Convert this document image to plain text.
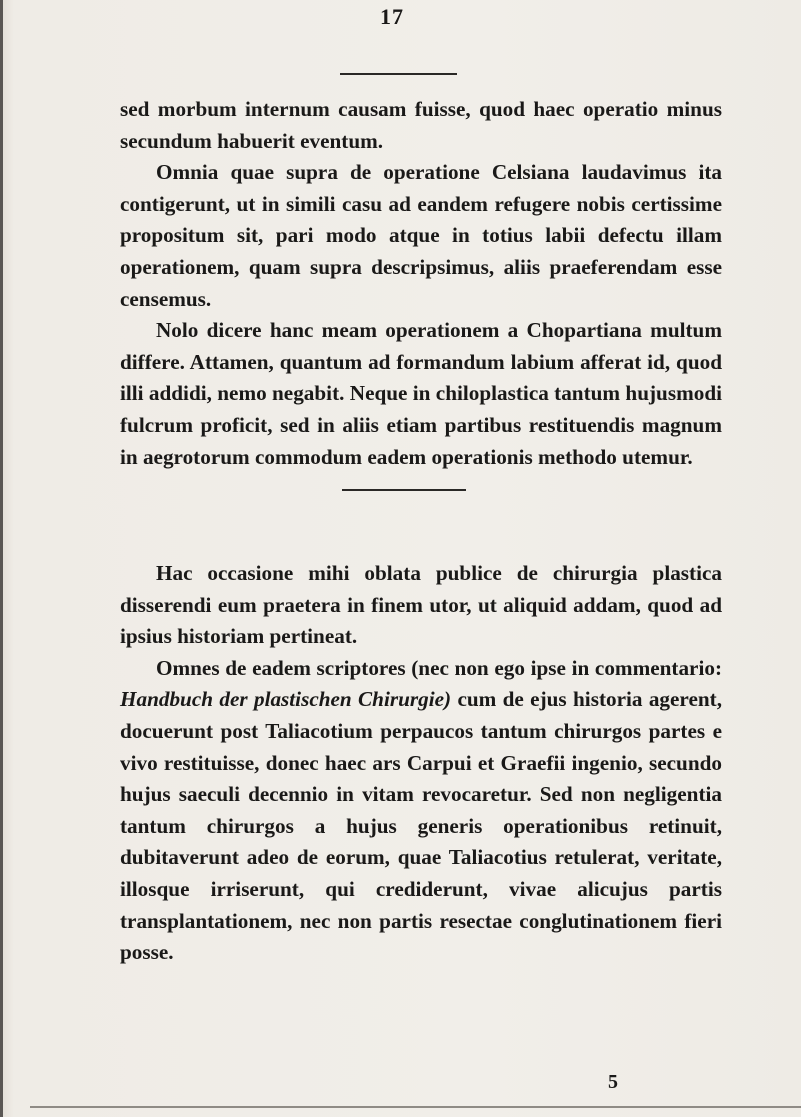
17

sed morbum internum causam fuisse, quod haec operatio minus secundum habuerit eventum.

Omnia quae supra de operatione Celsiana laudavimus ita contigerunt, ut in simili casu ad eandem refugere nobis certissime propositum sit, pari modo atque in totius labii defectu illam operationem, quam supra descripsimus, aliis praeferendam esse censemus.

Nolo dicere hanc meam operationem a Chopartiana multum differe. Attamen, quantum ad formandum labium afferat id, quod illi addidi, nemo negabit. Neque in chiloplastica tantum hujusmodi fulcrum proficit, sed in aliis etiam partibus restituendis magnum in aegrotorum commodum eadem operationis methodo utemur.

Hac occasione mihi oblata publice de chirurgia plastica disserendi eum praetera in finem utor, ut aliquid addam, quod ad ipsius historiam pertineat.

Omnes de eadem scriptores (nec non ego ipse in commentario: Handbuch der plastischen Chirurgie) cum de ejus historia agerent, docuerunt post Taliacotium perpaucos tantum chirurgos partes e vivo restituisse, donec haec ars Carpui et Graefii ingenio, secundo hujus saeculi decennio in vitam revocaretur. Sed non negligentia tantum chirurgos a hujus generis operationibus retinuit, dubitaverunt adeo de eorum, quae Taliacotius retulerat, veritate, illosque irriserunt, qui crediderunt, vivae alicujus partis transplantationem, nec non partis resectae conglutinationem fieri posse.

5
